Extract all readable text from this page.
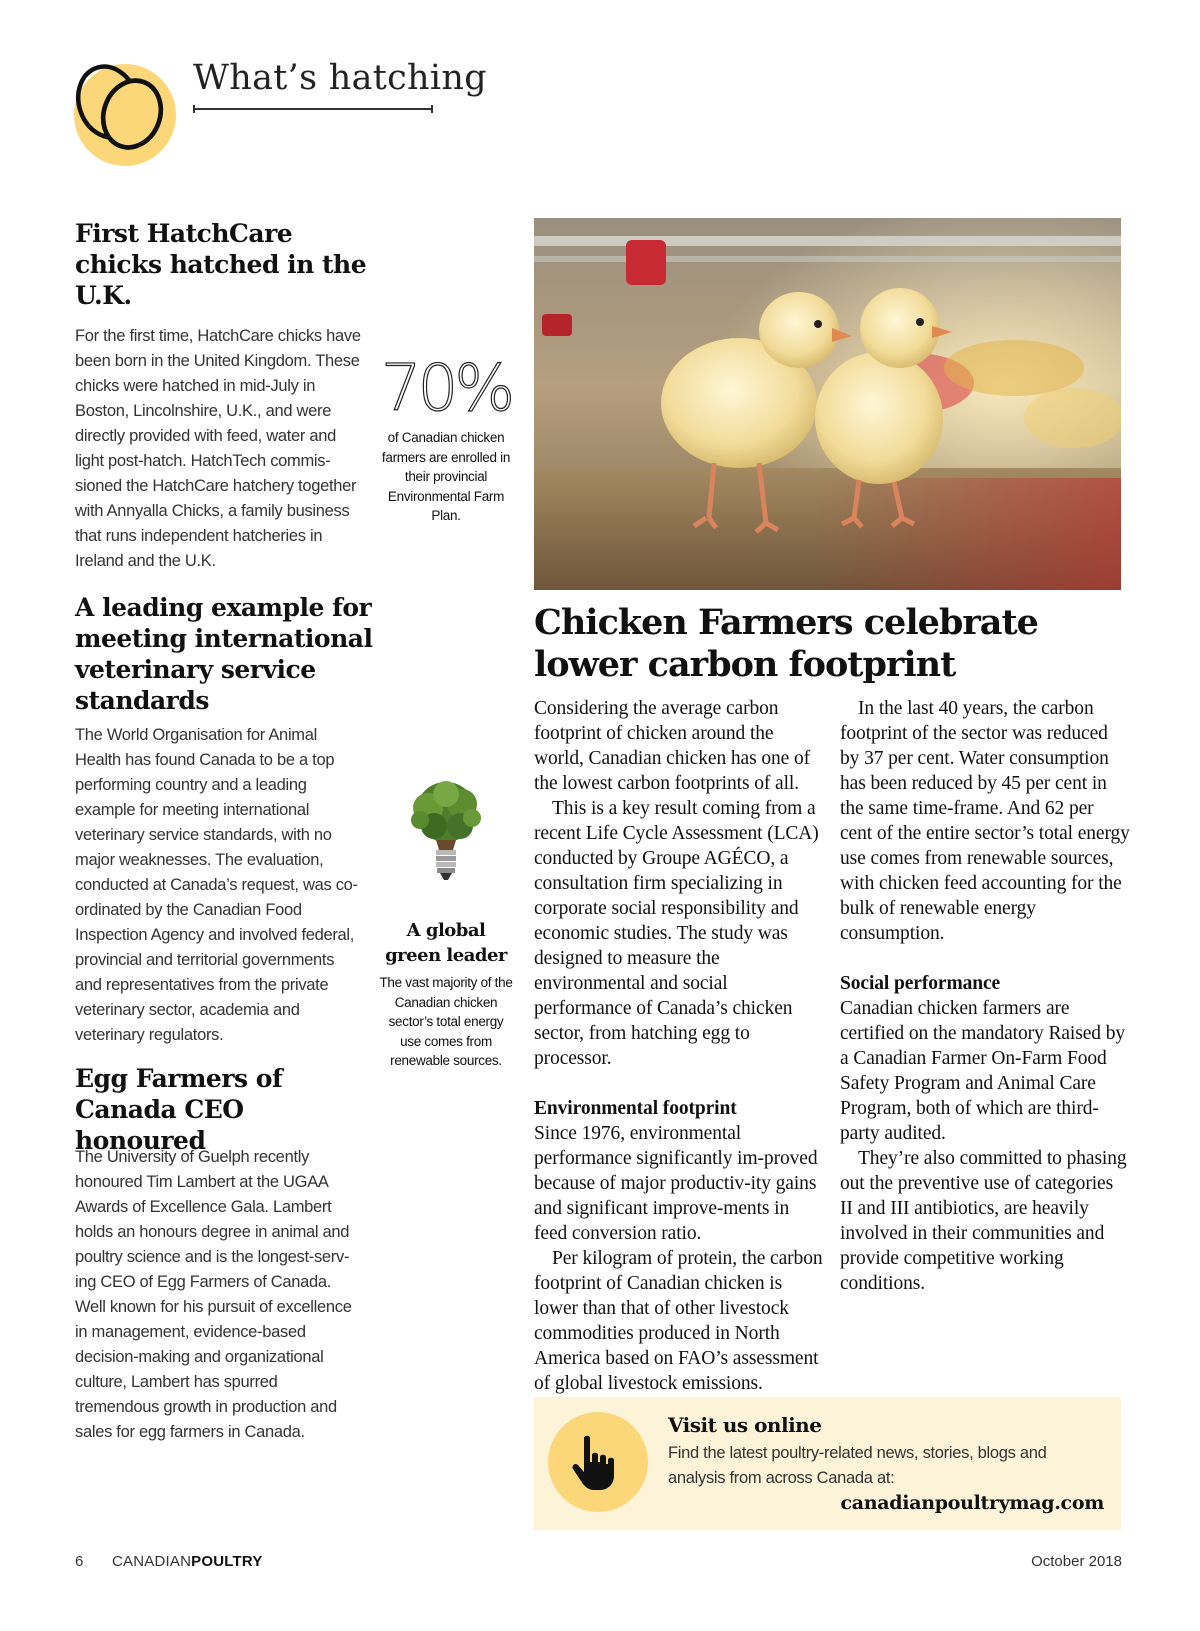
What’s hatching
First HatchCare chicks hatched in the U.K.

For the first time, HatchCare chicks have been born in the United Kingdom. These chicks were hatched in mid-July in Boston, Lincolnshire, U.K., and were directly provided with feed, water and light post-hatch. HatchTech commis-sioned the HatchCare hatchery together with Annyalla Chicks, a family business that runs independent hatcheries in Ireland and the U.K.

A leading example for meeting international veterinary service standards

The World Organisation for Animal Health has found Canada to be a top performing country and a leading example for meeting international veterinary service standards, with no major weaknesses. The evaluation, conducted at Canada’s request, was co-ordinated by the Canadian Food Inspection Agency and involved federal, provincial and territorial governments and representatives from the private veterinary sector, academia and veterinary regulators.

Egg Farmers of Canada CEO honoured

The University of Guelph recently honoured Tim Lambert at the UGAA Awards of Excellence Gala. Lambert holds an honours degree in animal and poultry science and is the longest-serv-ing CEO of Egg Farmers of Canada. Well known for his pursuit of excellence in management, evidence-based decision-making and organizational culture, Lambert has spurred tremendous growth in production and sales for egg farmers in Canada.

70%

of Canadian chicken farmers are enrolled in their provincial Environmental Farm Plan.

A global green leader

The vast majority of the Canadian chicken sector’s total energy use comes from renewable sources.

Chicken Farmers celebrate lower carbon footprint

Considering the average carbon footprint of chicken around the world, Canadian chicken has one of the lowest carbon footprints of all.

This is a key result coming from a recent Life Cycle Assessment (LCA) conducted by Groupe AGÉCO, a consultation firm specializing in corporate social responsibility and economic studies. The study was designed to measure the environmental and social performance of Canada’s chicken sector, from hatching egg to processor.

Environmental footprint

Since 1976, environmental performance significantly im-proved because of major productiv-ity gains and significant improve-ments in feed conversion ratio.

Per kilogram of protein, the carbon footprint of Canadian chicken is lower than that of other livestock commodities produced in North America based on FAO’s assessment of global livestock emissions.

In the last 40 years, the carbon footprint of the sector was reduced by 37 per cent. Water consumption has been reduced by 45 per cent in the same time-frame. And 62 per cent of the entire sector’s total energy use comes from renewable sources, with chicken feed accounting for the bulk of renewable energy consumption.

Social performance

Canadian chicken farmers are certified on the mandatory Raised by a Canadian Farmer On-Farm Food Safety Program and Animal Care Program, both of which are third-party audited.

They’re also committed to phasing out the preventive use of categories II and III antibiotics, are heavily involved in their communities and provide competitive working conditions.

Visit us online

Find the latest poultry-related news, stories, blogs and analysis from across Canada at:

canadianpoultrymag.com
6 CANADIANPOULTRY	October 2018
